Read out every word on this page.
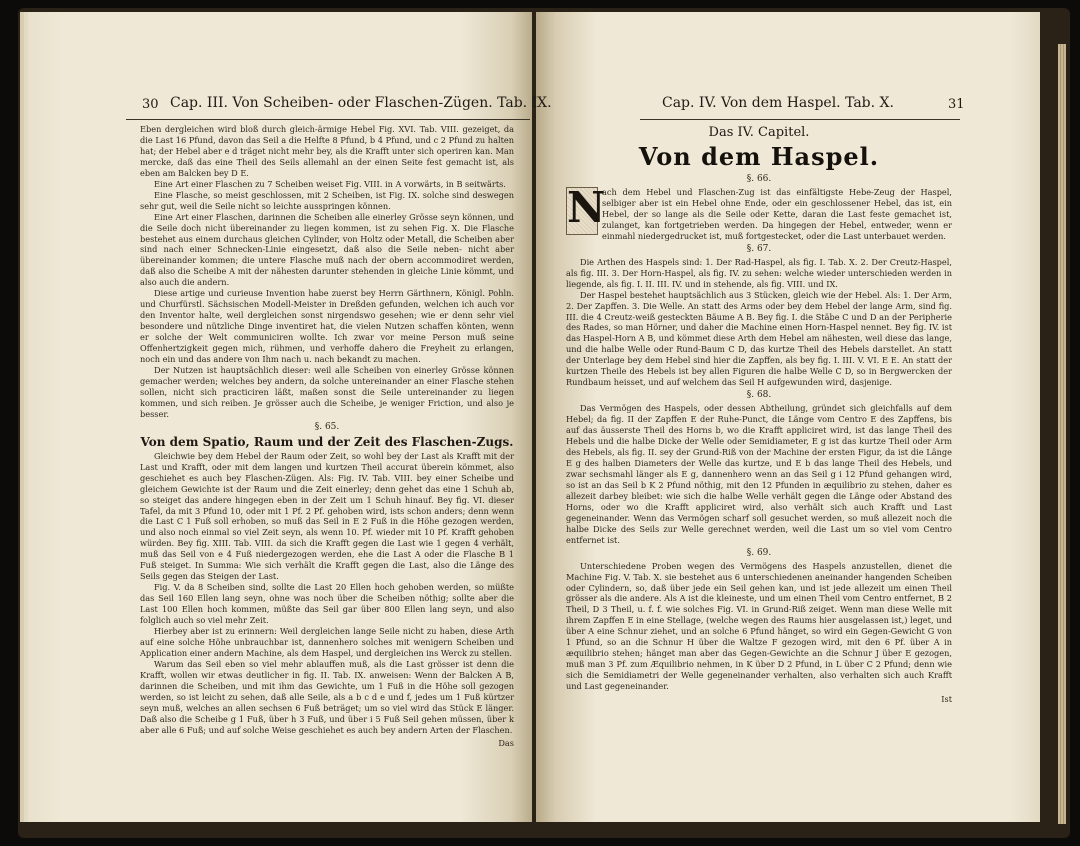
30 Cap. III. Von Scheiben- oder Flaschen-Zügen. Tab. IX.	Cap. IV. Von dem Haspel. Tab. X.	31

Eben dergleichen wird bloß durch gleich-ärmige Hebel Fig. XVI. Tab. VIII. gezeiget, da die Last 16 Pfund, davon das Seil a die Helfte 8 Pfund, b 4 Pfund, und c 2 Pfund zu halten hat; der Hebel aber e d träget nicht mehr bey, als die Krafft unter sich operiren kan. Man mercke, daß das eine Theil des Seils allemahl an der einen Seite fest gemacht ist, als eben am Balcken bey D E.

Eine Art einer Flaschen zu 7 Scheiben weiset Fig. VIII. in A vorwärts, in B seitwärts.

Eine Flasche, so meist geschlossen, mit 2 Scheiben, ist Fig. IX. solche sind deswegen sehr gut, weil die Seile nicht so leichte ausspringen können.

Eine Art einer Flaschen, darinnen die Scheiben alle einerley Grösse seyn können, und die Seile doch nicht übereinander zu liegen kommen, ist zu sehen Fig. X. Die Flasche bestehet aus einem durchaus gleichen Cylinder, von Holtz oder Metall, die Scheiben aber sind nach einer Schnecken-Linie eingesetzt, daß also die Seile neben- nicht aber übereinander kommen; die untere Flasche muß nach der obern accommodiret werden, daß also die Scheibe A mit der nähesten darunter stehenden in gleiche Linie kömmt, und also auch die andern.

Diese artige und curieuse Invention habe zuerst bey Herrn Gärthnern, Königl. Pohln. und Churfürstl. Sächsischen Modell-Meister in Dreßden gefunden, welchen ich auch vor den Inventor halte, weil dergleichen sonst nirgendswo gesehen; wie er denn sehr viel besondere und nützliche Dinge inventiret hat, die vielen Nutzen schaffen könten, wenn er solche der Welt communiciren wollte. Ich zwar vor meine Person muß seine Offenhertzigkeit gegen mich, rühmen, und verhoffe dahero die Freyheit zu erlangen, noch ein und das andere von Ihm nach u. nach bekandt zu machen.

Der Nutzen ist hauptsächlich dieser: weil alle Scheiben von einerley Grösse können gemacher werden; welches bey andern, da solche untereinander an einer Flasche stehen sollen, nicht sich practiciren läßt, maßen sonst die Seile untereinander zu liegen kommen, und sich reiben. Je grösser auch die Scheibe, je weniger Friction, und also je besser.

§. 65.
Von dem Spatio, Raum und der Zeit des Flaschen-Zugs.

Gleichwie bey dem Hebel der Raum oder Zeit, so wohl bey der Last als Krafft mit der Last und Krafft, oder mit dem langen und kurtzen Theil accurat überein kömmet, also geschiehet es auch bey Flaschen-Zügen. Als: Fig. IV. Tab. VIII. bey einer Scheibe und gleichem Gewichte ist der Raum und die Zeit einerley; denn gehet das eine 1 Schuh ab, so steiget das andere hingegen eben in der Zeit um 1 Schuh hinauf. Bey fig. VI. dieser Tafel, da mit 3 Pfund 10, oder mit 1 Pf. 2 Pf. gehoben wird, ists schon anders; denn wenn die Last C 1 Fuß soll erhoben, so muß das Seil in E 2 Fuß in die Höhe gezogen werden, und also noch einmal so viel Zeit seyn, als wenn 10. Pf. wieder mit 10 Pf. Krafft gehoben würden. Bey fig. XIII. Tab. VIII. da sich die Krafft gegen die Last wie 1 gegen 4 verhält, muß das Seil von e 4 Fuß niedergezogen werden, ehe die Last A oder die Flasche B 1 Fuß steiget. In Summa: Wie sich verhält die Krafft gegen die Last, also die Länge des Seils gegen das Steigen der Last.

Fig. V. da 8 Scheiben sind, sollte die Last 20 Ellen hoch gehoben werden, so müßte das Seil 160 Ellen lang seyn, ohne was noch über die Scheiben nöthig; sollte aber die Last 100 Ellen hoch kommen, müßte das Seil gar über 800 Ellen lang seyn, und also folglich auch so viel mehr Zeit.

Hierbey aber ist zu erinnern: Weil dergleichen lange Seile nicht zu haben, diese Arth auf eine solche Höhe unbrauchbar ist, dannenhero solches mit wenigern Scheiben und Application einer andern Machine, als dem Haspel, und dergleichen ins Werck zu stellen.

Warum das Seil eben so viel mehr ablauffen muß, als die Last grösser ist denn die Krafft, wollen wir etwas deutlicher in fig. II. Tab. IX. anweisen: Wenn der Balcken A B, darinnen die Scheiben, und mit ihm das Gewichte, um 1 Fuß in die Höhe soll gezogen werden, so ist leicht zu sehen, daß alle Seile, als a b c d e und f, jedes um 1 Fuß kürtzer seyn muß, welches an allen sechsen 6 Fuß beträget; um so viel wird das Stück E länger. Daß also die Scheibe g 1 Fuß, über h 3 Fuß, und über i 5 Fuß Seil gehen müssen, über k aber alle 6 Fuß; und auf solche Weise geschiehet es auch bey andern Arten der Flaschen.

Das
Das IV. Capitel.
Von dem Haspel.
§. 66.
N

ach dem Hebel und Flaschen-Zug ist das einfältigste Hebe-Zeug der Haspel, selbiger aber ist ein Hebel ohne Ende, oder ein geschlossener Hebel, das ist, ein Hebel, der so lange als die Seile oder Kette, daran die Last feste gemachet ist, zulanget, kan fortgetrieben werden. Da hingegen der Hebel, entweder, wenn er einmahl niedergedrucket ist, muß fortgestecket, oder die Last unterbauet werden.

§. 67.

Die Arthen des Haspels sind: 1. Der Rad-Haspel, als fig. I. Tab. X. 2. Der Creutz-Haspel, als fig. III. 3. Der Horn-Haspel, als fig. IV. zu sehen: welche wieder unterschieden werden in liegende, als fig. I. II. III. IV. und in stehende, als fig. VIII. und IX.

Der Haspel bestehet hauptsächlich aus 3 Stücken, gleich wie der Hebel. Als: 1. Der Arm, 2. Der Zapffen. 3. Die Welle. An statt des Arms oder bey dem Hebel der lange Arm, sind fig. III. die 4 Creutz-weiß gesteckten Bäume A B. Bey fig. I. die Stäbe C und D an der Peripherie des Rades, so man Hörner, und daher die Machine einen Horn-Haspel nennet. Bey fig. IV. ist das Haspel-Horn A B, und kömmet diese Arth dem Hebel am nähesten, weil diese das lange, und die halbe Welle oder Rund-Baum C D, das kurtze Theil des Hebels darstellet. An statt der Unterlage bey dem Hebel sind hier die Zapffen, als bey fig. I. III. V. VI. E E. An statt der kurtzen Theile des Hebels ist bey allen Figuren die halbe Welle C D, so in Bergwercken der Rundbaum heisset, und auf welchem das Seil H aufgewunden wird, dasjenige.

§. 68.

Das Vermögen des Haspels, oder dessen Abtheilung, gründet sich gleichfalls auf dem Hebel; da fig. II der Zapffen E der Ruhe-Punct, die Länge vom Centro E des Zapffens, bis auf das äusserste Theil des Horns b, wo die Krafft appliciret wird, ist das lange Theil des Hebels und die halbe Dicke der Welle oder Semidiameter, E g ist das kurtze Theil oder Arm des Hebels, als fig. II. sey der Grund-Riß von der Machine der ersten Figur, da ist die Länge E g des halben Diameters der Welle das kurtze, und E b das lange Theil des Hebels, und zwar sechsmahl länger als E g, dannenhero wenn an das Seil g i 12 Pfund gehangen wird, so ist an das Seil b K 2 Pfund nöthig, mit den 12 Pfunden in æquilibrio zu stehen, daher es allezeit darbey bleibet: wie sich die halbe Welle verhält gegen die Länge oder Abstand des Horns, oder wo die Krafft appliciret wird, also verhält sich auch Krafft und Last gegeneinander. Wenn das Vermögen scharf soll gesuchet werden, so muß allezeit noch die halbe Dicke des Seils zur Welle gerechnet werden, weil die Last um so viel vom Centro entfernet ist.

§. 69.

Unterschiedene Proben wegen des Vermögens des Haspels anzustellen, dienet die Machine Fig. V. Tab. X. sie bestehet aus 6 unterschiedenen aneinander hangenden Scheiben oder Cylindern, so, daß über jede ein Seil gehen kan, und ist jede allezeit um einen Theil grösser als die andere. Als A ist die kleineste, und um einen Theil vom Centro entfernet, B 2 Theil, D 3 Theil, u. f. f. wie solches Fig. VI. in Grund-Riß zeiget. Wenn man diese Welle mit ihrem Zapffen E in eine Stellage, (welche wegen des Raums hier ausgelassen ist,) leget, und über A eine Schnur ziehet, und an solche 6 Pfund hänget, so wird ein Gegen-Gewicht G von 1 Pfund, so an die Schnur H über die Waltze F gezogen wird, mit den 6 Pf. über A in æquilibrio stehen; hänget man aber das Gegen-Gewichte an die Schnur J über E gezogen, muß man 3 Pf. zum Æquilibrio nehmen, in K über D 2 Pfund, in L über C 2 Pfund; denn wie sich die Semidiametri der Welle gegeneinander verhalten, also verhalten sich auch Krafft und Last gegeneinander.

Ist
